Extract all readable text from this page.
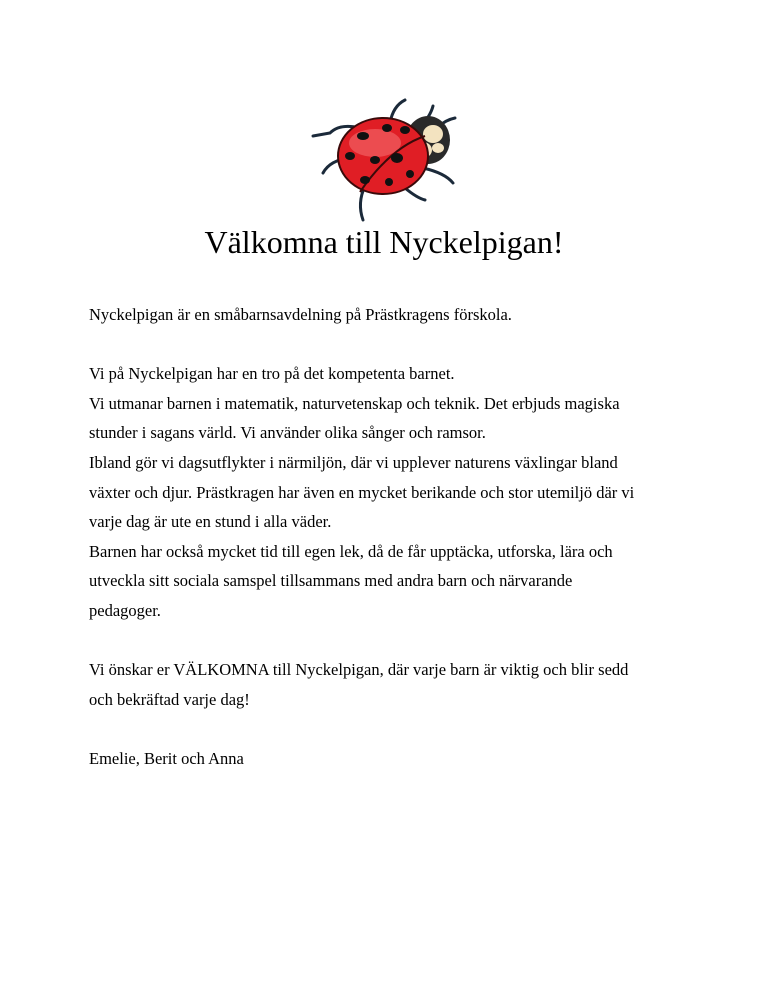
Välkomna till Nyckelpigan!

Nyckelpigan är en småbarnsavdelning på Prästkragens förskola.

Vi på Nyckelpigan har en tro på det kompetenta barnet.

Vi utmanar barnen i matematik, naturvetenskap och teknik. Det erbjuds magiska

stunder i sagans värld. Vi använder olika sånger och ramsor.

Ibland gör vi dagsutflykter i närmiljön, där vi upplever naturens växlingar bland

växter och djur. Prästkragen har även en mycket berikande och stor utemiljö där vi

varje dag är ute en stund i alla väder.

Barnen har också mycket tid till egen lek, då de får upptäcka, utforska, lära och

utveckla sitt sociala samspel tillsammans med andra barn och närvarande

pedagoger.

Vi önskar er VÄLKOMNA till Nyckelpigan, där varje barn är viktig och blir sedd

och bekräftad varje dag!

Emelie, Berit och Anna
